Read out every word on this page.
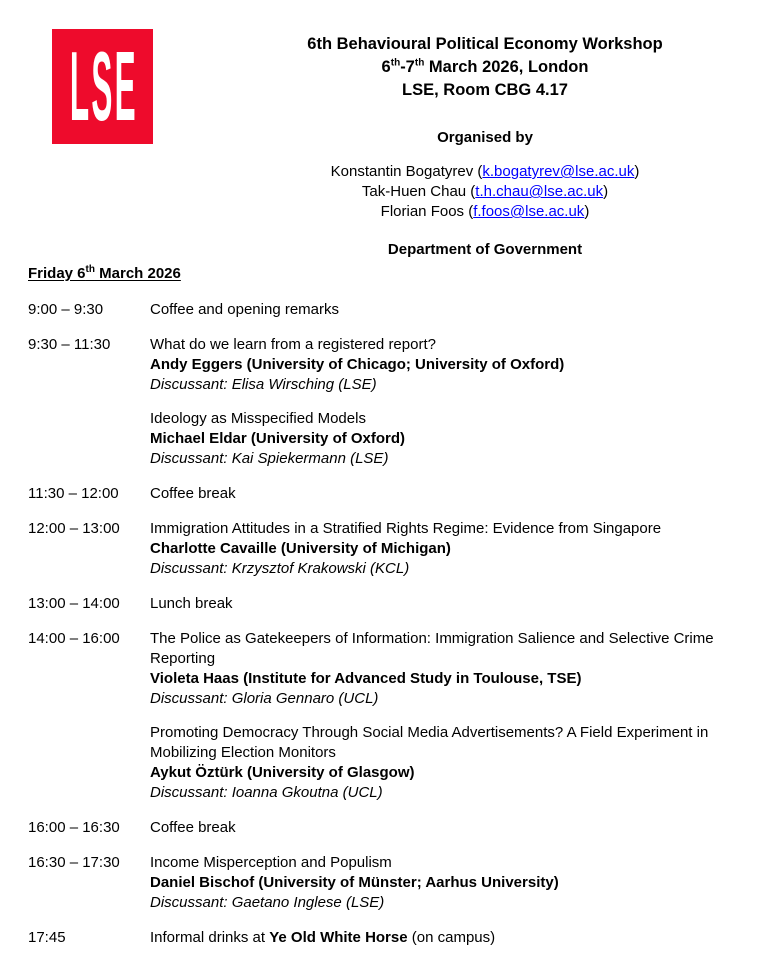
LSE	6th Behavioural Political Economy Workshop
6th-7th March 2026, London
LSE, Room CBG 4.17
Organised by
Konstantin Bogatyrev (k.bogatyrev@lse.ac.uk)
Tak-Huen Chau (t.h.chau@lse.ac.uk)
Florian Foos (f.foos@lse.ac.uk)
Department of Government
Friday 6th March 2026
9:00 – 9:30	Coffee and opening remarks
9:30 – 11:30	What do we learn from a registered report?
Andy Eggers (University of Chicago; University of Oxford)
Discussant: Elisa Wirsching (LSE)
Ideology as Misspecified Models
Michael Eldar (University of Oxford)
Discussant: Kai Spiekermann (LSE)
11:30 – 12:00	Coffee break
12:00 – 13:00	Immigration Attitudes in a Stratified Rights Regime: Evidence from Singapore
Charlotte Cavaille (University of Michigan)
Discussant: Krzysztof Krakowski (KCL)
13:00 – 14:00	Lunch break
14:00 – 16:00	The Police as Gatekeepers of Information: Immigration Salience and Selective Crime Reporting
Violeta Haas (Institute for Advanced Study in Toulouse, TSE)
Discussant: Gloria Gennaro (UCL)
Promoting Democracy Through Social Media Advertisements? A Field Experiment in Mobilizing Election Monitors
Aykut Öztürk (University of Glasgow)
Discussant: Ioanna Gkoutna (UCL)
16:00 – 16:30	Coffee break
16:30 – 17:30	Income Misperception and Populism
Daniel Bischof (University of Münster; Aarhus University)
Discussant: Gaetano Inglese (LSE)
17:45	Informal drinks at Ye Old White Horse (on campus)
